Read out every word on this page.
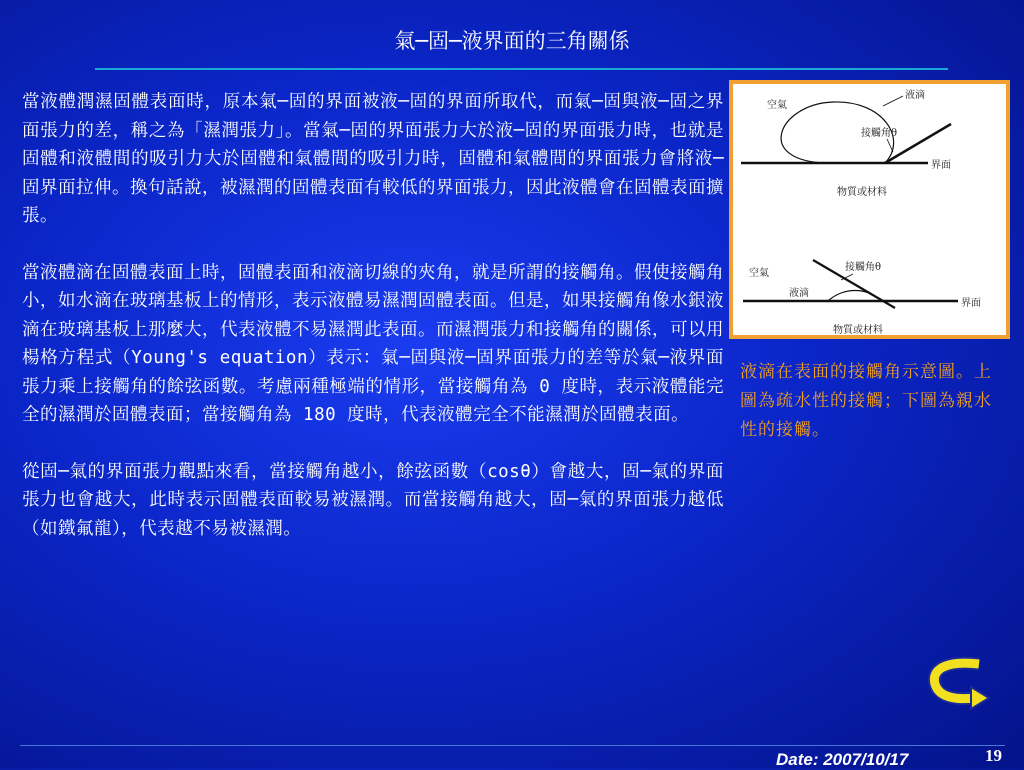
氣─固─液界面的三角關係

當液體潤濕固體表面時，原本氣─固的界面被液─固的界面所取代，而氣─固與液─固之界面張力的差，稱之為「濕潤張力」。當氣─固的界面張力大於液─固的界面張力時，也就是固體和液體間的吸引力大於固體和氣體間的吸引力時，固體和氣體間的界面張力會將液─固界面拉伸。換句話說，被濕潤的固體表面有較低的界面張力，因此液體會在固體表面擴張。

當液體滴在固體表面上時，固體表面和液滴切線的夾角，就是所謂的接觸角。假使接觸角小，如水滴在玻璃基板上的情形，表示液體易濕潤固體表面。但是，如果接觸角像水銀液滴在玻璃基板上那麼大，代表液體不易濕潤此表面。而濕潤張力和接觸角的關係，可以用楊格方程式（Young's equation）表示：氣─固與液─固界面張力的差等於氣─液界面張力乘上接觸角的餘弦函數。考慮兩種極端的情形，當接觸角為 0 度時，表示液體能完全的濕潤於固體表面；當接觸角為 180 度時，代表液體完全不能濕潤於固體表面。

從固─氣的界面張力觀點來看，當接觸角越小，餘弦函數（cosθ）會越大，固─氣的界面張力也會越大，此時表示固體表面較易被濕潤。而當接觸角越大，固─氣的界面張力越低（如鐵氟龍），代表越不易被濕潤。

空氣
液滴
接觸角θ
界面
物質或材料
空氣
接觸角θ
液滴
界面
物質或材料
液滴在表面的接觸角示意圖。上圖為疏水性的接觸；下圖為親水性的接觸。
Date: 2007/10/17	19
